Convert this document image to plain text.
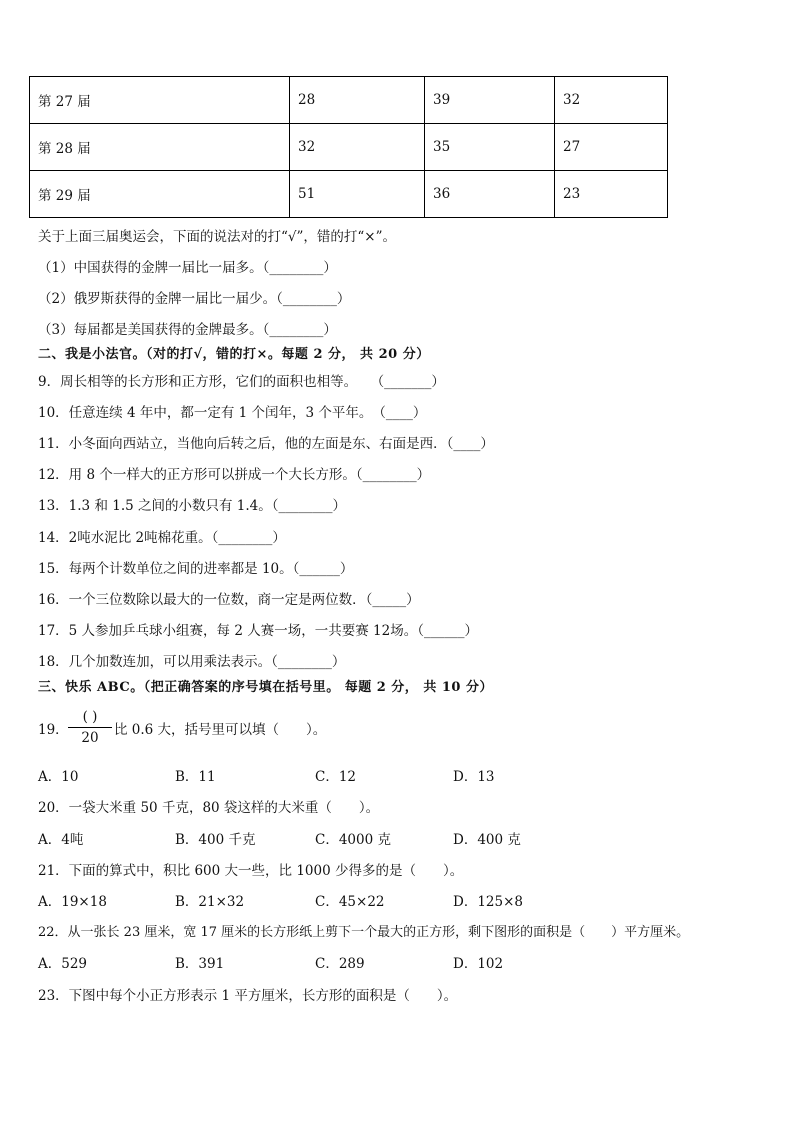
第 27 届	28	39	32
第 28 届	32	35	27
第 29 届	51	36	23
关于上面三届奥运会，下面的说法对的打“√”，错的打“×”。
（1）中国获得的金牌一届比一届多。（________）
（2）俄罗斯获得的金牌一届比一届少。（________）
（3）每届都是美国获得的金牌最多。（________）
二、我是小法官。（对的打√，错的打×。每题 2 分， 共 20 分）
9．周长相等的长方形和正方形，它们的面积也相等。　　（_______）
10．任意连续 4 年中，都一定有 1 个闰年，3 个平年。　（____）
11．小冬面向西站立，当他向后转之后，他的左面是东、右面是西．（____）
12．用 8 个一样大的正方形可以拼成一个大长方形。（________）
13．1.3 和 1.5 之间的小数只有 1.4。（________）
14．2吨水泥比 2吨棉花重。（________）
15．每两个计数单位之间的进率都是 10。（______）
16．一个三位数除以最大的一位数，商一定是两位数．（_____）
17．5 人参加乒乓球小组赛，每 2 人赛一场，一共要赛 12场。（______）
18．几个加数连加，可以用乘法表示。（________）
三、快乐 ABC。（把正确答案的序号填在括号里。 每题 2 分， 共 10 分）
19．
( )
20	比 0.6 大，括号里可以填（　　）。
A．10	B．11	C．12	D．13
20．一袋大米重 50 千克，80 袋这样的大米重（　　）。
A．4吨	B．400 千克	C．4000 克	D．400 克
21．下面的算式中，积比 600 大一些，比 1000 少得多的是（　　）。
A．19×18	B．21×32	C．45×22	D．125×8
22．从一张长 23 厘米，宽 17 厘米的长方形纸上剪下一个最大的正方形，剩下图形的面积是（　　）平方厘米。
A．529	B．391	C．289	D．102
23．下图中每个小正方形表示 1 平方厘米，长方形的面积是（　　）。
